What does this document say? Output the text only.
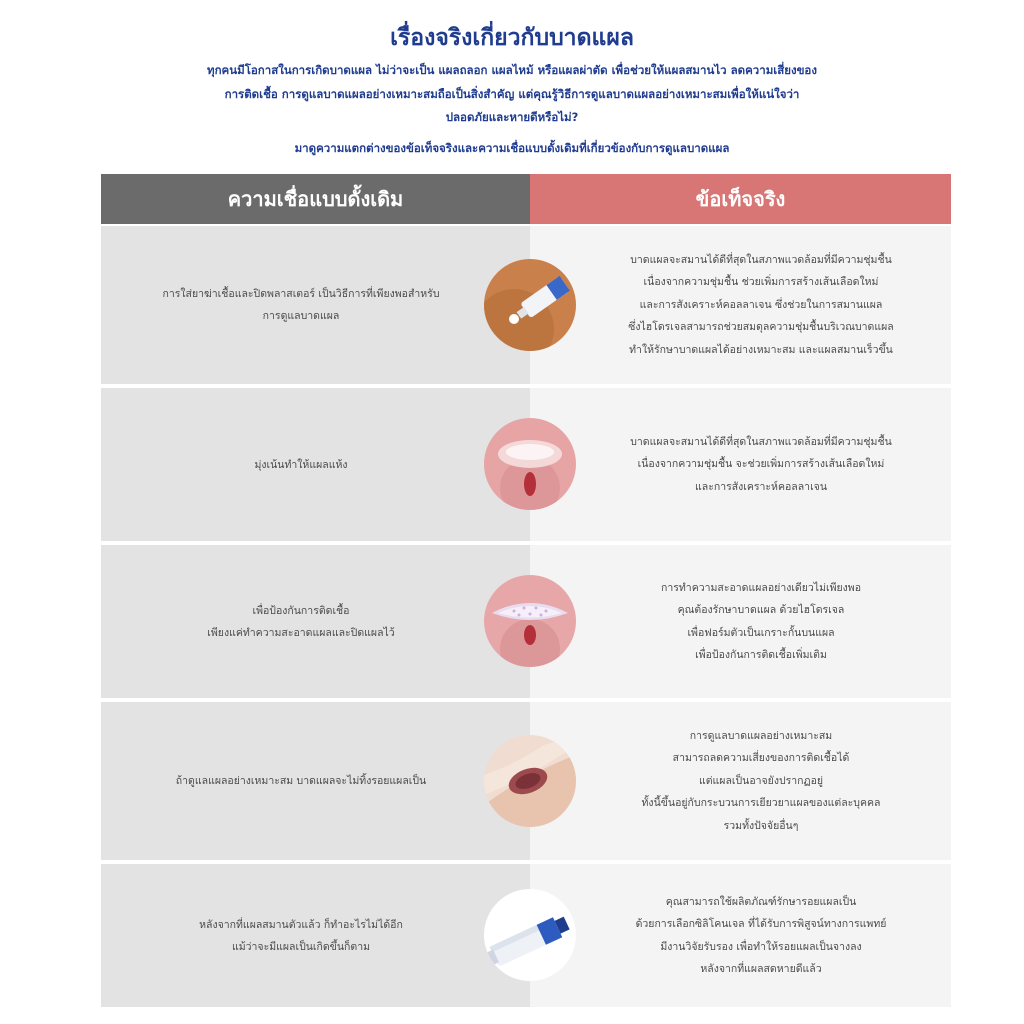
เรื่องจริงเกี่ยวกับบาดแผล
ทุกคนมีโอกาสในการเกิดบาดแผล ไม่ว่าจะเป็น แผลถลอก แผลไหม้ หรือแผลผ่าตัด เพื่อช่วยให้แผลสมานไว ลดความเสี่ยงของ
การติดเชื้อ การดูแลบาดแผลอย่างเหมาะสมถือเป็นสิ่งสำคัญ แต่คุณรู้วิธีการดูแลบาดแผลอย่างเหมาะสมเพื่อให้แน่ใจว่า
ปลอดภัยและหายดีหรือไม่?
มาดูความแตกต่างของข้อเท็จจริงและความเชื่อแบบดั้งเดิมที่เกี่ยวข้องกับการดูแลบาดแผล
ความเชื่อแบบดั้งเดิม	ข้อเท็จจริง
การใส่ยาฆ่าเชื้อและปิดพลาสเตอร์ เป็นวิธีการที่เพียงพอสำหรับ
การดูแลบาดแผล
บาดแผลจะสมานได้ดีที่สุดในสภาพแวดล้อมที่มีความชุ่มชื้น
เนื่องจากความชุ่มชื้น ช่วยเพิ่มการสร้างเส้นเลือดใหม่
และการสังเคราะห์คอลลาเจน ซึ่งช่วยในการสมานแผล
ซึ่งไฮโดรเจลสามารถช่วยสมดุลความชุ่มชื้นบริเวณบาดแผล
ทำให้รักษาบาดแผลได้อย่างเหมาะสม และแผลสมานเร็วขึ้น
มุ่งเน้นทำให้แผลแห้ง
บาดแผลจะสมานได้ดีที่สุดในสภาพแวดล้อมที่มีความชุ่มชื้น
เนื่องจากความชุ่มชื้น จะช่วยเพิ่มการสร้างเส้นเลือดใหม่
และการสังเคราะห์คอลลาเจน
เพื่อป้องกันการติดเชื้อ
เพียงแค่ทำความสะอาดแผลและปิดแผลไว้
การทำความสะอาดแผลอย่างเดียวไม่เพียงพอ
คุณต้องรักษาบาดแผล ด้วยไฮโดรเจล
เพื่อฟอร์มตัวเป็นเกราะกั้นบนแผล
เพื่อป้องกันการติดเชื้อเพิ่มเติม
ถ้าดูแลแผลอย่างเหมาะสม บาดแผลจะไม่ทิ้งรอยแผลเป็น
การดูแลบาดแผลอย่างเหมาะสม
สามารถลดความเสี่ยงของการติดเชื้อได้
แต่แผลเป็นอาจยังปรากฏอยู่
ทั้งนี้ขึ้นอยู่กับกระบวนการเยียวยาแผลของแต่ละบุคคล
รวมทั้งปัจจัยอื่นๆ
หลังจากที่แผลสมานตัวแล้ว ก็ทำอะไรไม่ได้อีก
แม้ว่าจะมีแผลเป็นเกิดขึ้นก็ตาม
คุณสามารถใช้ผลิตภัณฑ์รักษารอยแผลเป็น
ด้วยการเลือกซิลิโคนเจล ที่ได้รับการพิสูจน์ทางการแพทย์
มีงานวิจัยรับรอง เพื่อทำให้รอยแผลเป็นจางลง
หลังจากที่แผลสดหายดีแล้ว
